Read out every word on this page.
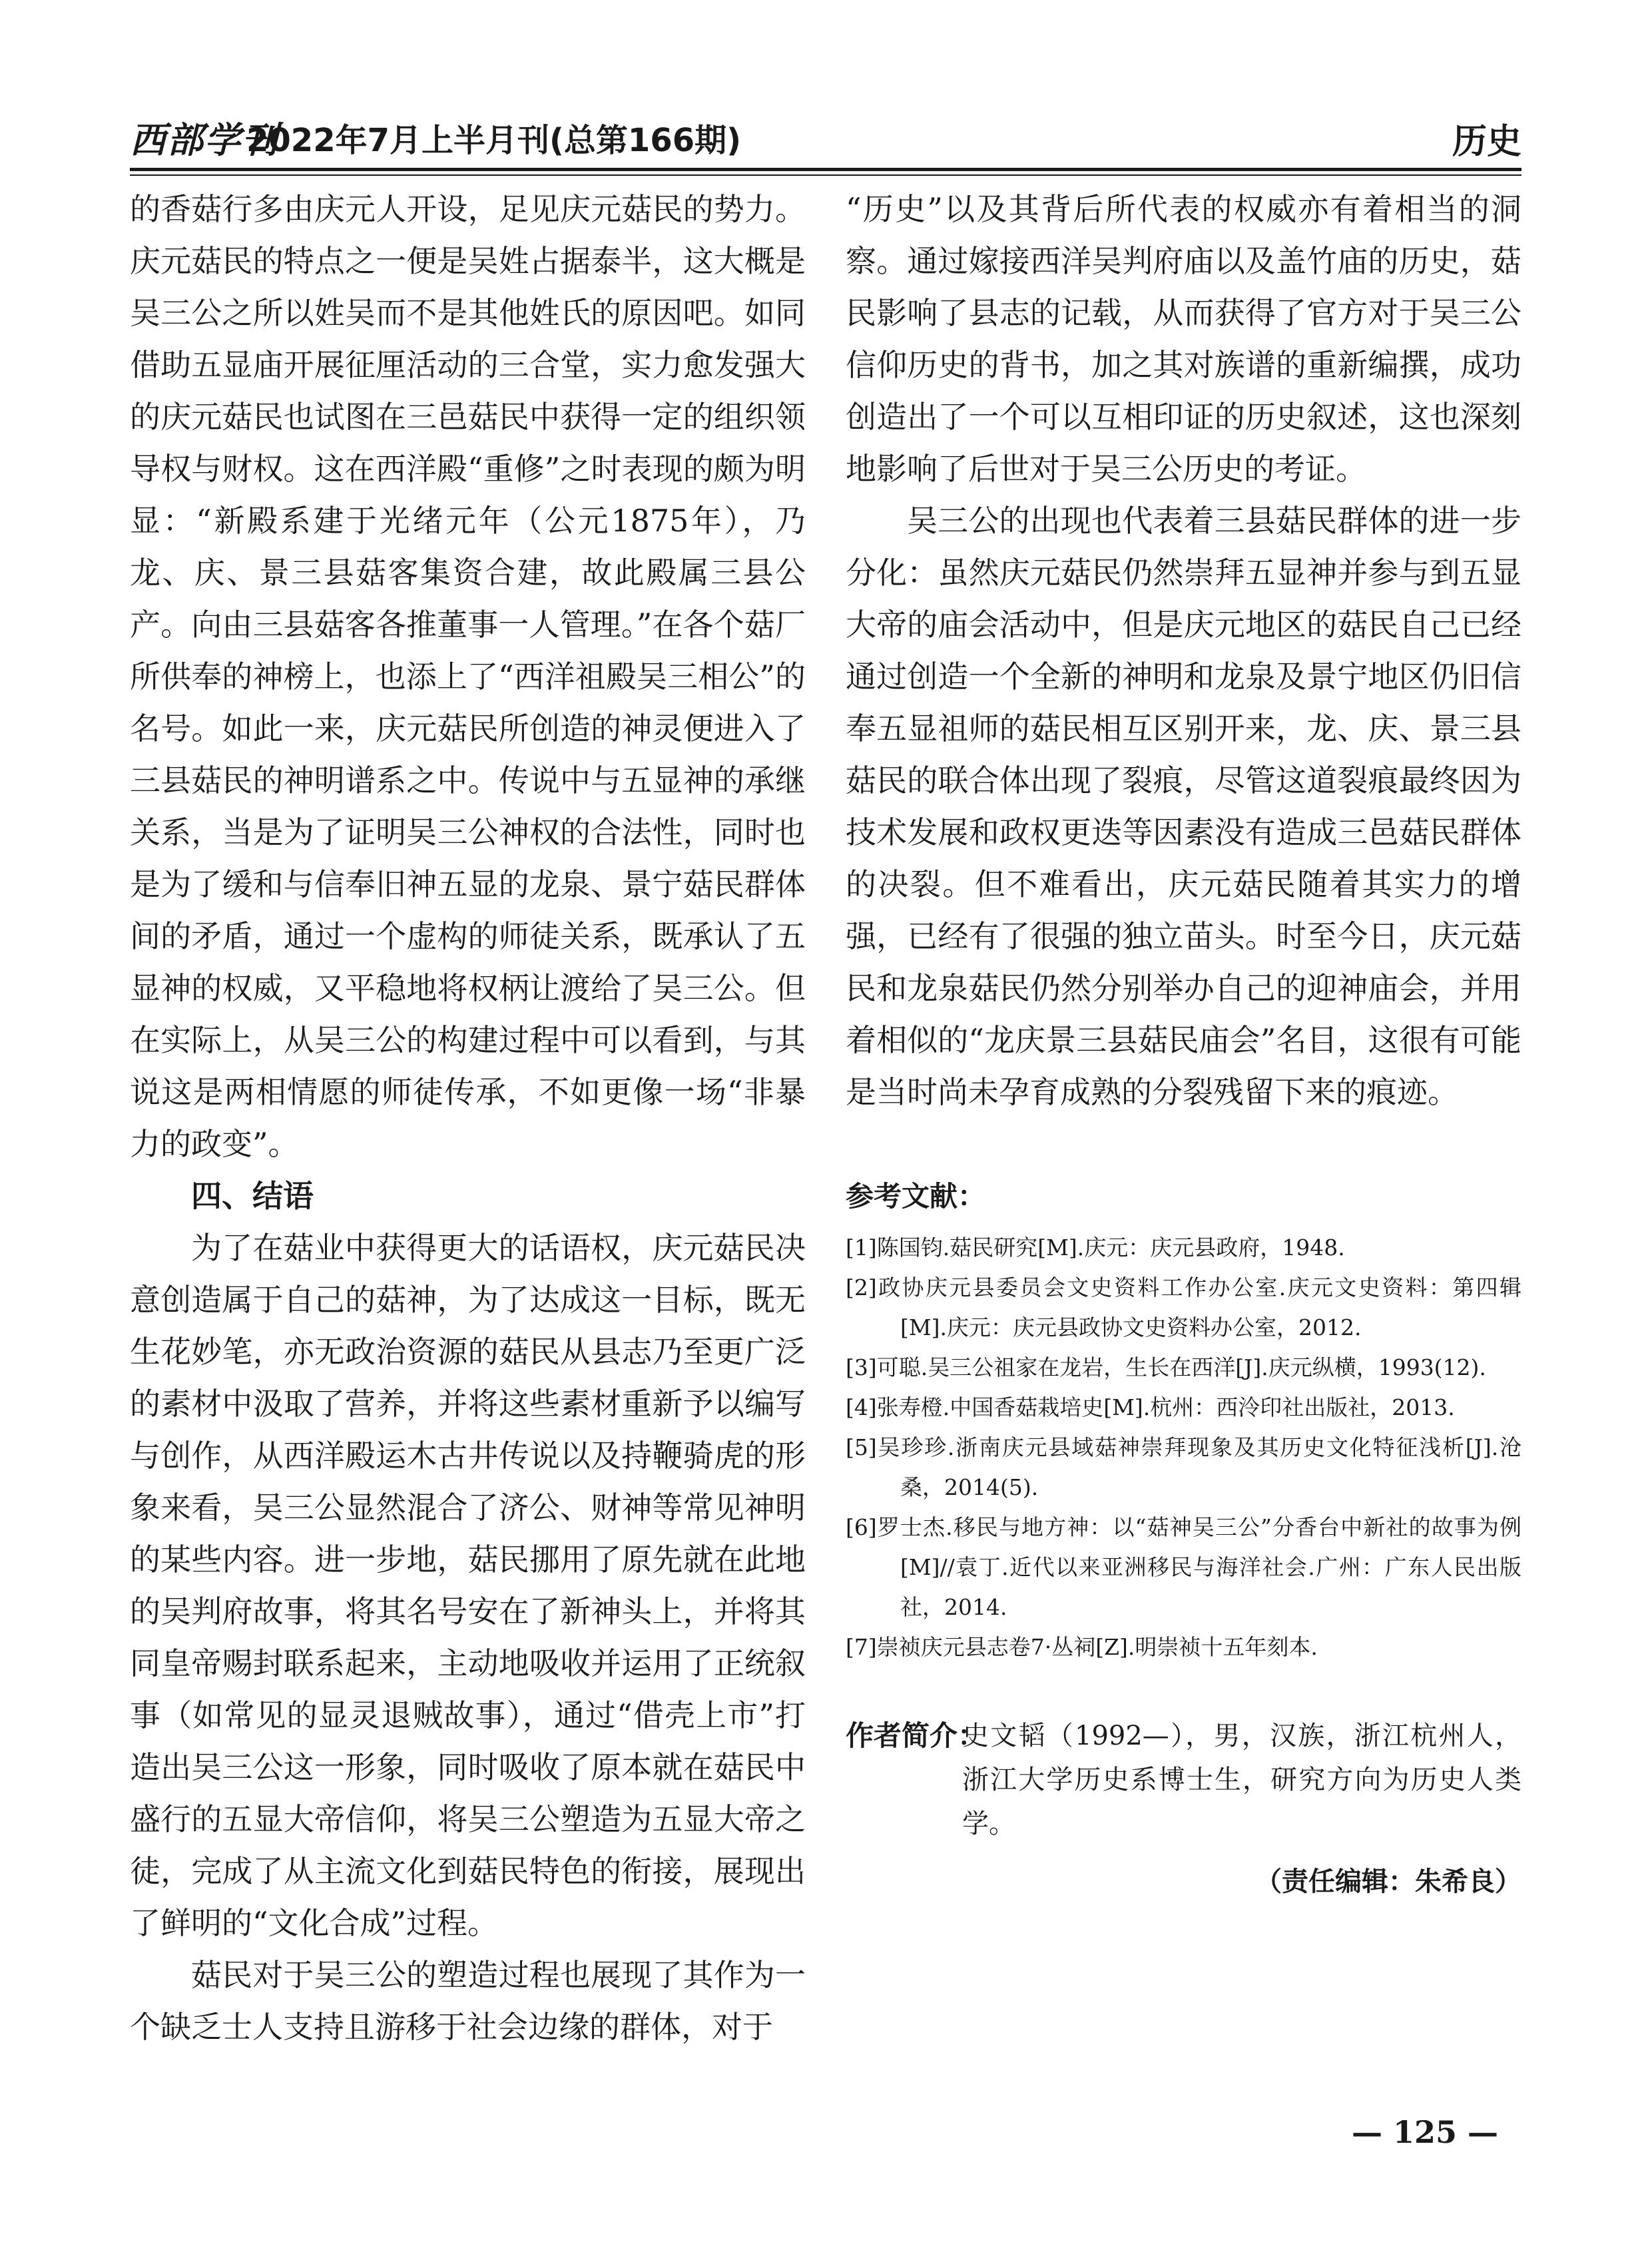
西部学刊
2022年7月上半月刊(总第166期)	历史

的香菇行多由庆元人开设，足见庆元菇民的势力。庆元菇民的特点之一便是吴姓占据泰半，这大概是吴三公之所以姓吴而不是其他姓氏的原因吧。如同借助五显庙开展征厘活动的三合堂，实力愈发强大的庆元菇民也试图在三邑菇民中获得一定的组织领导权与财权。这在西洋殿“重修”之时表现的颇为明显：“新殿系建于光绪元年（公元1875年），乃龙、庆、景三县菇客集资合建，故此殿属三县公产。向由三县菇客各推董事一人管理。”在各个菇厂所供奉的神榜上，也添上了“西洋祖殿吴三相公”的名号。如此一来，庆元菇民所创造的神灵便进入了三县菇民的神明谱系之中。传说中与五显神的承继关系，当是为了证明吴三公神权的合法性，同时也是为了缓和与信奉旧神五显的龙泉、景宁菇民群体间的矛盾，通过一个虚构的师徒关系，既承认了五显神的权威，又平稳地将权柄让渡给了吴三公。但在实际上，从吴三公的构建过程中可以看到，与其说这是两相情愿的师徒传承，不如更像一场“非暴力的政变”。

四、结语

为了在菇业中获得更大的话语权，庆元菇民决意创造属于自己的菇神，为了达成这一目标，既无生花妙笔，亦无政治资源的菇民从县志乃至更广泛的素材中汲取了营养，并将这些素材重新予以编写与创作，从西洋殿运木古井传说以及持鞭骑虎的形象来看，吴三公显然混合了济公、财神等常见神明的某些内容。进一步地，菇民挪用了原先就在此地的吴判府故事，将其名号安在了新神头上，并将其同皇帝赐封联系起来，主动地吸收并运用了正统叙事（如常见的显灵退贼故事），通过“借壳上市”打造出吴三公这一形象，同时吸收了原本就在菇民中盛行的五显大帝信仰，将吴三公塑造为五显大帝之徒，完成了从主流文化到菇民特色的衔接，展现出了鲜明的“文化合成”过程。

菇民对于吴三公的塑造过程也展现了其作为一个缺乏士人支持且游移于社会边缘的群体，对于

“历史”以及其背后所代表的权威亦有着相当的洞察。通过嫁接西洋吴判府庙以及盖竹庙的历史，菇民影响了县志的记载，从而获得了官方对于吴三公信仰历史的背书，加之其对族谱的重新编撰，成功创造出了一个可以互相印证的历史叙述，这也深刻地影响了后世对于吴三公历史的考证。

吴三公的出现也代表着三县菇民群体的进一步分化：虽然庆元菇民仍然崇拜五显神并参与到五显大帝的庙会活动中，但是庆元地区的菇民自己已经通过创造一个全新的神明和龙泉及景宁地区仍旧信奉五显祖师的菇民相互区别开来，龙、庆、景三县菇民的联合体出现了裂痕，尽管这道裂痕最终因为技术发展和政权更迭等因素没有造成三邑菇民群体的决裂。但不难看出，庆元菇民随着其实力的增强，已经有了很强的独立苗头。时至今日，庆元菇民和龙泉菇民仍然分别举办自己的迎神庙会，并用着相似的“龙庆景三县菇民庙会”名目，这很有可能是当时尚未孕育成熟的分裂残留下来的痕迹。

参考文献：
[1]陈国钧.菇民研究[M].庆元：庆元县政府，1948.
[2]政协庆元县委员会文史资料工作办公室.庆元文史资料：第四辑[M].庆元：庆元县政协文史资料办公室，2012.
[3]可聪.吴三公祖家在龙岩，生长在西洋[J].庆元纵横，1993(12).
[4]张寿橙.中国香菇栽培史[M].杭州：西泠印社出版社，2013.
[5]吴珍珍.浙南庆元县域菇神崇拜现象及其历史文化特征浅析[J].沧桑，2014(5).
[6]罗士杰.移民与地方神：以“菇神吴三公”分香台中新社的故事为例[M]//袁丁.近代以来亚洲移民与海洋社会.广州：广东人民出版社，2014.
[7]崇祯庆元县志卷7·丛祠[Z].明崇祯十五年刻本.
作者简介：
史文韬（1992—），男，汉族，浙江杭州人，浙江大学历史系博士生，研究方向为历史人类学。
（责任编辑：朱希良）
— 125 —
